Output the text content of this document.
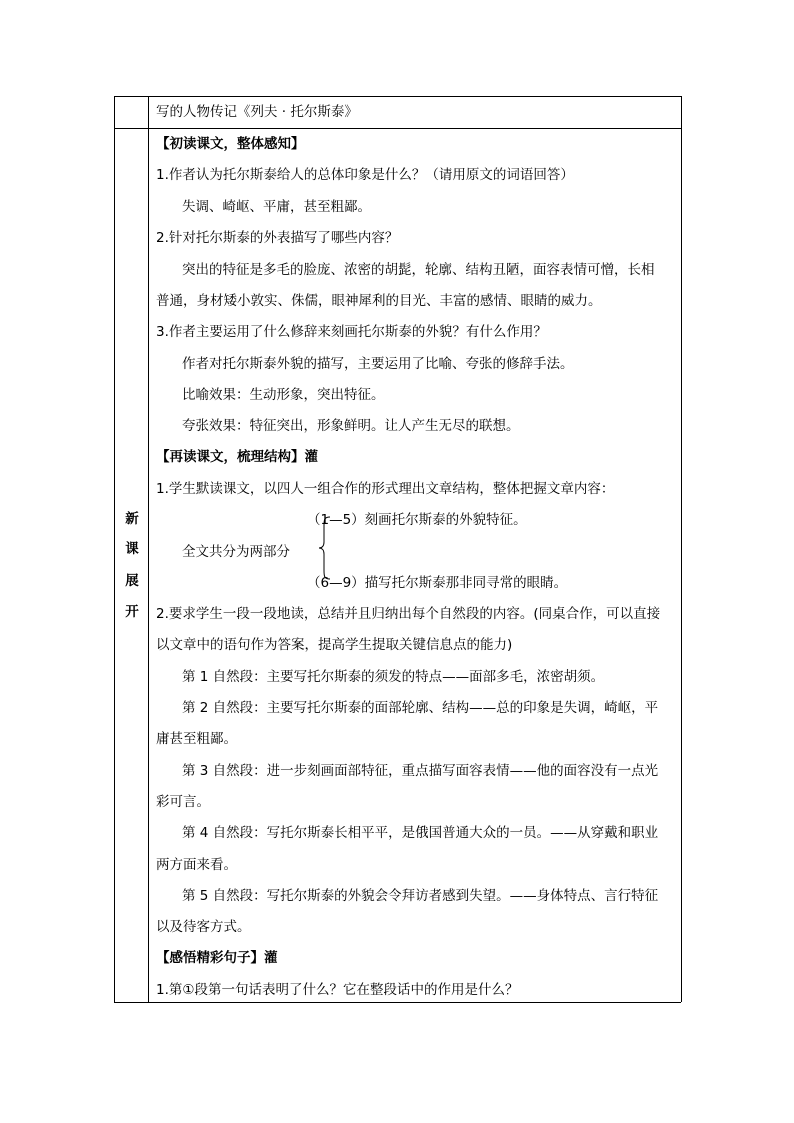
写的人物传记《列夫 · 托尔斯泰》
新
课
展
开
【初读课文，整体感知】
1.作者认为托尔斯泰给人的总体印象是什么？（请用原文的词语回答）
失调、崎岖、平庸，甚至粗鄙。
2.针对托尔斯泰的外表描写了哪些内容？
突出的特征是多毛的脸庞、浓密的胡髭，轮廓、结构丑陋，面容表情可憎，长相
普通，身材矮小敦实、侏儒，眼神犀利的目光、丰富的感情、眼睛的威力。
3.作者主要运用了什么修辞来刻画托尔斯泰的外貌？有什么作用？
作者对托尔斯泰外貌的描写，主要运用了比喻、夸张的修辞手法。
比喻效果：生动形象，突出特征。
夸张效果：特征突出，形象鲜明。让人产生无尽的联想。
【再读课文，梳理结构】灌
1.学生默读课文，以四人一组合作的形式理出文章结构，整体把握文章内容：
（1—5）刻画托尔斯泰的外貌特征。
全文共分为两部分
（6—9）描写托尔斯泰那非同寻常的眼睛。
2.要求学生一段一段地读，总结并且归纳出每个自然段的内容。(同桌合作，可以直接
以文章中的语句作为答案，提高学生提取关键信息点的能力)
第 1 自然段：主要写托尔斯泰的须发的特点——面部多毛，浓密胡须。
第 2 自然段：主要写托尔斯泰的面部轮廓、结构——总的印象是失调，崎岖，平
庸甚至粗鄙。
第 3 自然段：进一步刻画面部特征，重点描写面容表情——他的面容没有一点光
彩可言。
第 4 自然段：写托尔斯泰长相平平，是俄国普通大众的一员。——从穿戴和职业
两方面来看。
第 5 自然段：写托尔斯泰的外貌会令拜访者感到失望。——身体特点、言行特征
以及待客方式。
【感悟精彩句子】灌
1.第①段第一句话表明了什么？它在整段话中的作用是什么？
